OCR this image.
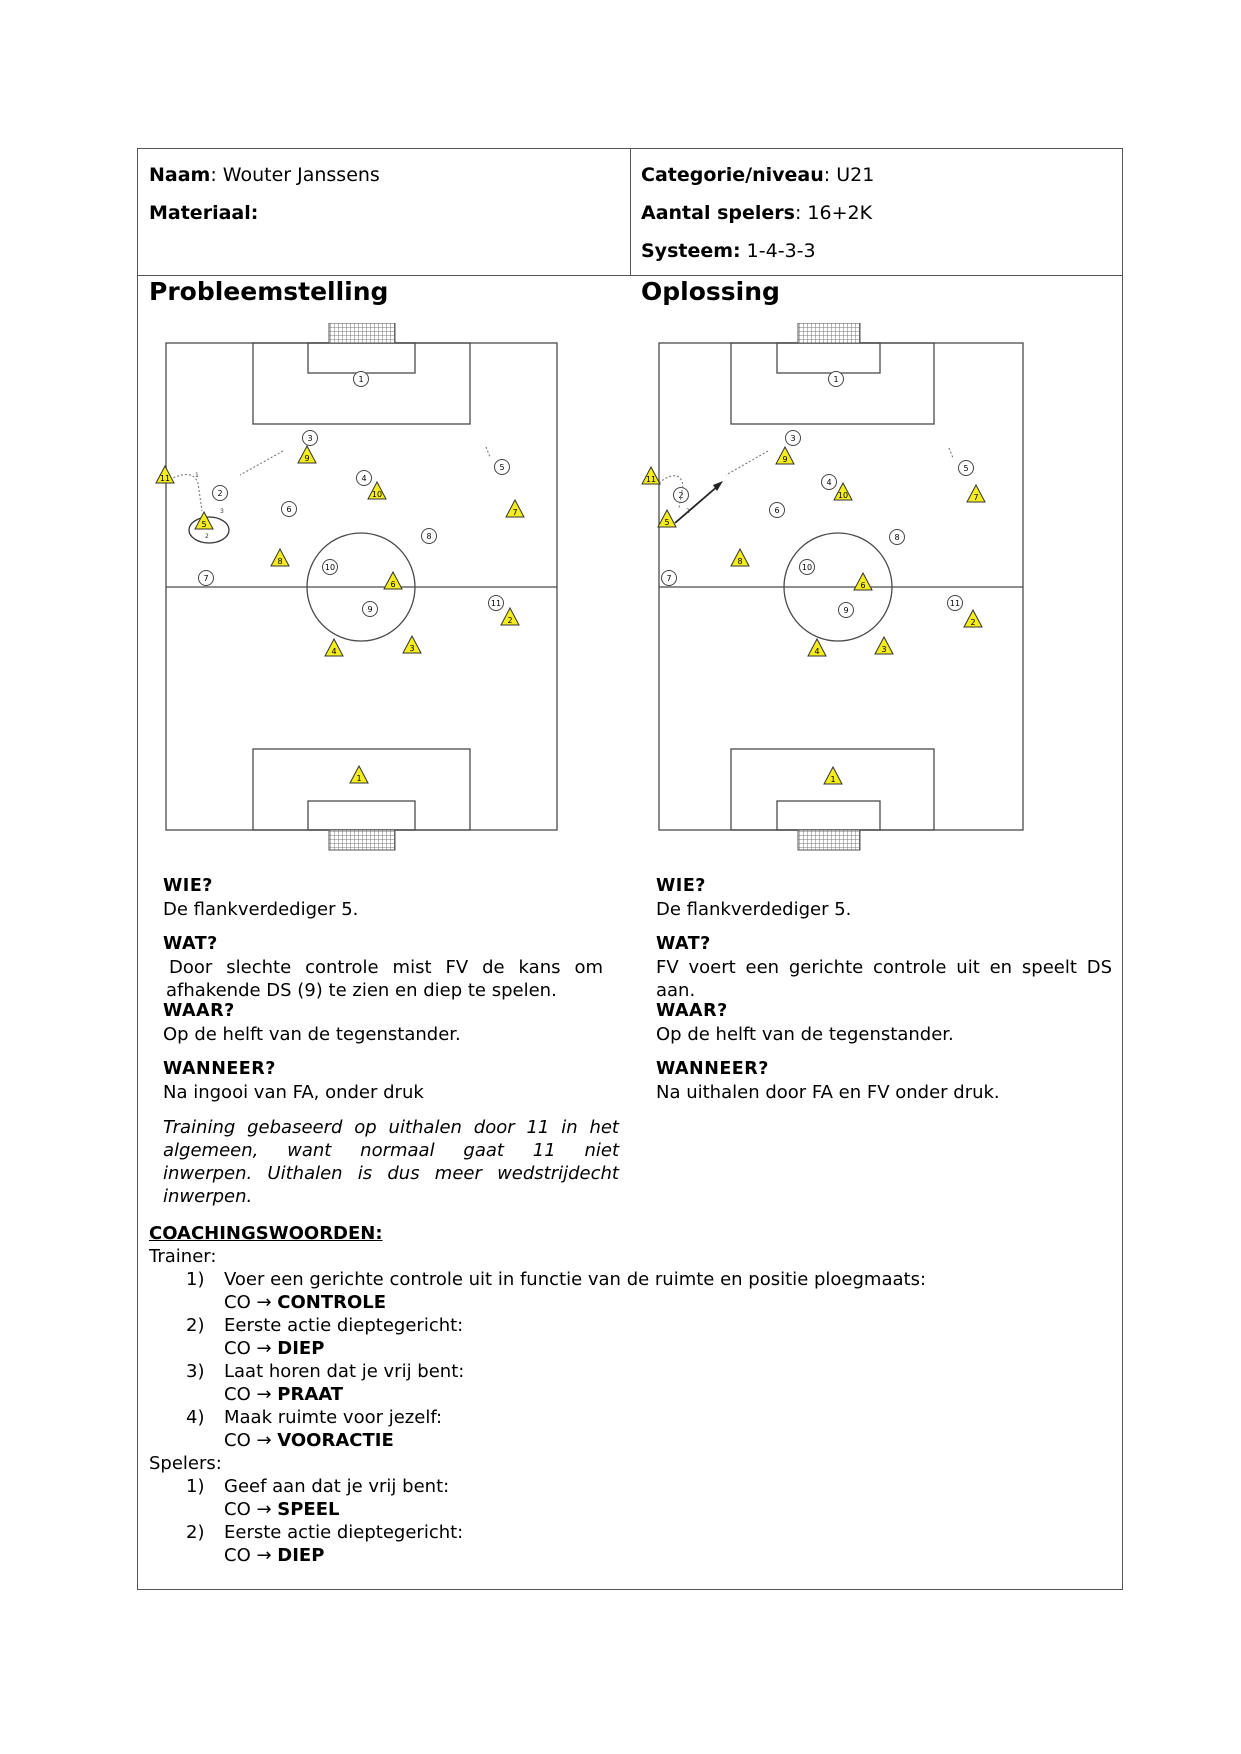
Naam: Wouter Janssens
Materiaal:
Categorie/niveau: U21
Aantal spelers: 16+2K
Systeem: 1-4-3-3
Probleemstelling	Oplossing
1
3
4
5
2
6
8
10
7
9
11
1
3
2
11
9
10
7
5
8
6
2
4	3
1
1
3
4
5
2
6
8
10
7
9
11
2
11
9
10	7
5
8
6
2
4	3
1
WIE?
De flankverdediger 5.
WAT?
Door slechte controle mist FV de kans om
afhakende DS (9) te zien en diep te spelen.
WAAR?
Op de helft van de tegenstander.
WANNEER?
Na ingooi van FA, onder druk
Training gebaseerd op uithalen door 11 in het
algemeen, want normaal gaat 11 niet
inwerpen. Uithalen is dus meer wedstrijdecht
inwerpen.
WIE?
De flankverdediger 5.
WAT?
FV voert een gerichte controle uit en speelt DS
aan.
WAAR?
Op de helft van de tegenstander.
WANNEER?
Na uithalen door FA en FV onder druk.
COACHINGSWOORDEN:
Trainer:
1) Voer een gerichte controle uit in functie van de ruimte en positie ploegmaats:
CO → CONTROLE
2) Eerste actie dieptegericht:
CO → DIEP
3) Laat horen dat je vrij bent:
CO → PRAAT
4) Maak ruimte voor jezelf:
CO → VOORACTIE
Spelers:
1) Geef aan dat je vrij bent:
CO → SPEEL
2) Eerste actie dieptegericht:
CO → DIEP
